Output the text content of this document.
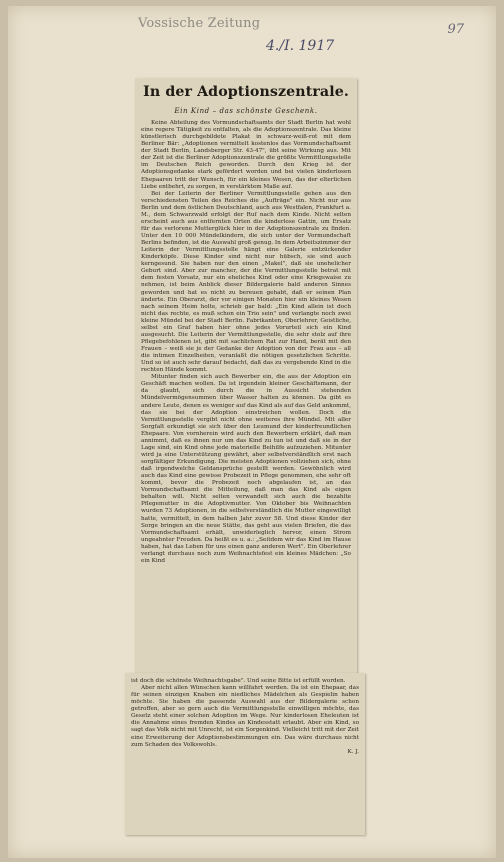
Vossische Zeitung
4./I. 1917
97
In der Adoptionszentrale.
Ein Kind – das schönste Geschenk.
Keine Abteilung des Vormundschaftsamts der Stadt Berlin hat wohl eine regere Tätigkeit zu entfalten, als die Adoptionszentrale. Das kleine künstlerisch durchgebildete Plakat in schwarz-weiß-rot mit dem Berliner Bär: „Adoptionen vermittelt kostenlos das Vormundschaftsamt der Stadt Berlin, Landsberger Str. 43-47", übt seine Wirkung aus. Mit der Zeit ist die Berliner Adoptionszentrale die größte Vermittlungsstelle im Deutschen Reich geworden. Durch den Krieg ist der Adoptionsgedanke stark gefördert worden und bei vielen kinderlosen Ehepaaren tritt der Wunsch, für ein kleines Wesen, das der elterlichen Liebe entbehrt, zu sorgen, in verstärktem Maße auf.
Bei der Leiterin der Berliner Vermittlungsstelle gehen aus den verschiedensten Teilen des Reiches die „Aufträge" ein. Nicht nur aus Berlin und dem östlichen Deutschland, auch aus Westfalen, Frankfurt a. M., dem Schwarzwald erfolgt der Ruf nach dem Kinde. Nicht selten erscheint auch aus entfernten Orten die kinderlose Gattin, um Ersatz für das verlorene Mutterglück hier in der Adoptionszentrale zu finden. Unter den 10 000 Mündelkindern, die sich unter der Vormundschaft Berlins befinden, ist die Auswahl groß genug. In dem Arbeitszimmer der Leiterin der Vermittlungsstelle hängt eine Galerie entzückender Kinderköpfe. Diese Kinder sind nicht nur hübsch, sie sind auch kerngesund. Sie haben nur den einen „Makel", daß sie unehelicher Geburt sind. Aber zur mancher, der die Vermittlungsstelle betrat mit dem festen Vorsatz, nur ein eheliches Kind oder eine Kriegswaise zu nehmen, ist beim Anblick dieser Bildergalerie bald anderen Sinnes geworden und hat es nicht zu bereuen gehabt, daß er seinen Plan änderte. Ein Oberarzt, der vor einigen Monaten hier ein kleines Wesen nach seinem Heim holte, schrieb gar bald: „Ein Kind allein ist doch nicht das rechte, es muß schon ein Trio sein" und verlangte noch zwei kleine Mündel bei der Stadt Berlin. Fabrikanten, Oberlehrer, Geistliche, selbst ein Graf haben hier ohne jedes Vorurteil sich ein Kind ausgesucht. Die Leiterin der Vermittlungsstelle, die sehr stolz auf ihre Pflegebefohlenen ist, gibt mit sachlichem Rat zur Hand, berät mit den Frauen – weiß sie je der Gedanke der Adoption von der Frau aus – all die intimen Einzelheiten, veranlaßt die nötigen gesetzlichen Schritte. Und so ist auch sehr darauf bedacht, daß das zu vergebende Kind in die rechten Hände kommt.
Mitunter finden sich auch Bewerber ein, die aus der Adoption ein Geschäft machen wollen. Da ist irgendein kleiner Geschäftsmann, der da glaubt, sich durch die in Aussicht stehenden Mündelvermögensummen über Wasser halten zu können. Da gibt es andere Leute, denen es weniger auf das Kind als auf das Geld ankommt, das sie bei der Adoption einstreichen wollen. Doch die Vermittlungsstelle vergibt nicht ohne weiteres ihre Mündel. Mit aller Sorgfalt erkundigt sie sich über den Leumund der kinderfreundlichen Ehepaare. Von vornherein wird auch den Bewerbern erklärt, daß man annimmt, daß es ihnen nur um das Kind zu tun ist und daß sie in der Lage sind, ein Kind ohne jede materielle Beihilfe aufzuziehen. Mitunter wird ja eine Unterstützung gewährt, aber selbstverständlich erst nach sorgfältiger Erkundigung. Die meisten Adoptionen vollziehen sich, ohne daß irgendwelche Geldansprüche gestellt werden. Gewöhnlich wird auch das Kind eine gewisse Probezeit in Pflege genommen, ehe sehr oft kommt, bevor die Probezeit noch abgelaufen ist, an das Vormundschaftsamt die Mitteilung, daß man das Kind als eigen behalten will. Nicht selten verwandelt sich auch die bezahlte Pflegemutter in die Adoptivmutter. Von Oktober bis Weihnachten wurden 73 Adoptionen, in die selbstverständlich die Mutter eingewilligt hatte, vermittelt, in dem halben Jahr zuvor 58. Und diese Kinder der Sorge bringen an die neue Stätte, das geht aus vielen Briefen, die das Vormundschaftsamt erhält, unwiderleglich hervor, einen Strom ungeahnter Freuden. Da heißt es u. a.: „Seitdem wir das Kind im Hause haben, hat das Leben für uns einen ganz anderen Wert". Ein Oberlehrer verlangt durchaus noch zum Weihnachtsfest ein kleines Mädchen: „So ein Kind
ist doch die schönste Weihnachtsgabe". Und seine Bitte ist erfüllt worden.
Aber nicht allen Wünschen kann willfahrt werden. Da ist ein Ehepaar, das für seinen einzigen Knaben ein niedliches Mädelchen als Gespielin haben möchte. Sie haben die passende Auswahl aus der Bildergalerie schon getroffen, aber so gern auch die Vermittlungsstelle einwilligen möchte, das Gesetz steht einer solchen Adoption im Wege. Nur kinderlosen Eheleuten ist die Annahme eines fremden Kindes an Kindesstatt erlaubt. Aber ein Kind, so sagt das Volk nicht mit Unrecht, ist ein Sorgenkind. Vielleicht tritt mit der Zeit eine Erweiterung der Adoptionsbestimmungen ein. Das wäre durchaus nicht zum Schaden des Volkswohls.
K. J.
